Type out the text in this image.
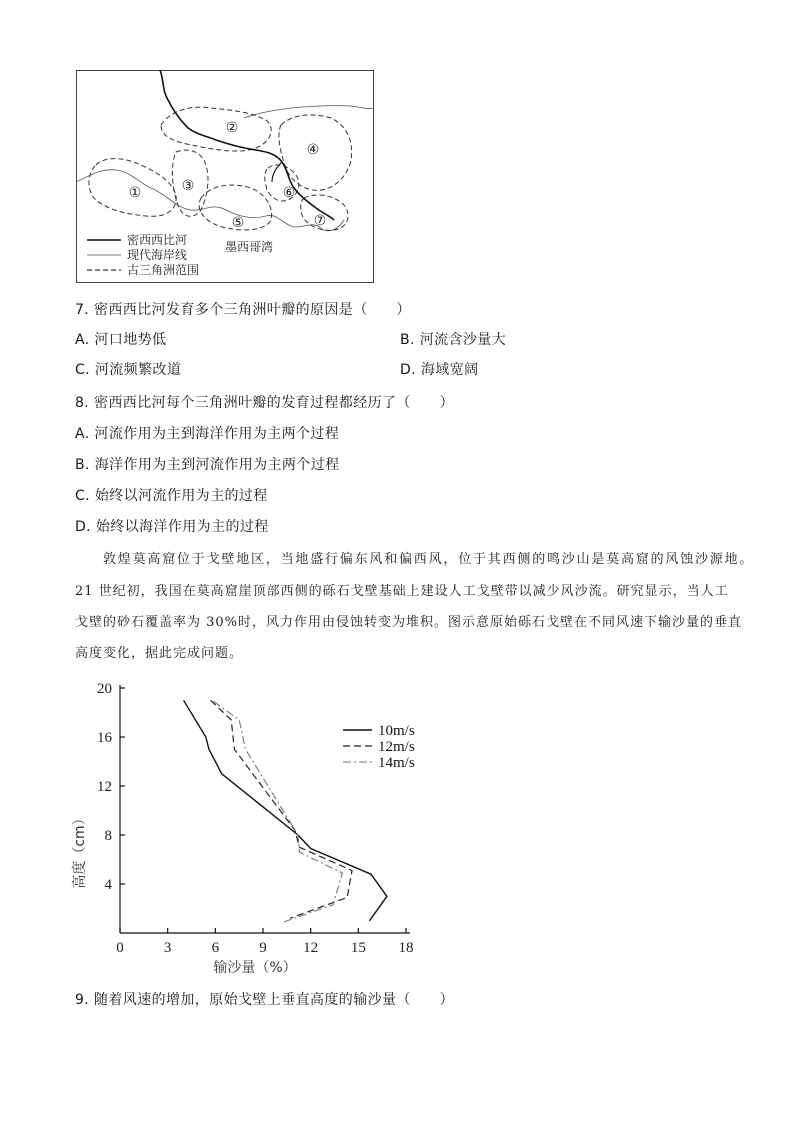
①
②
③
④
⑤
⑥
⑦
墨西哥湾
密西西比河
现代海岸线
古三角洲范围
7. 密西西比河发育多个三角洲叶瓣的原因是（　　）
A. 河口地势低	B. 河流含沙量大
C. 河流频繁改道	D. 海域宽阔
8. 密西西比河每个三角洲叶瓣的发育过程都经历了（　　）
A. 河流作用为主到海洋作用为主两个过程
B. 海洋作用为主到河流作用为主两个过程
C. 始终以河流作用为主的过程
D. 始终以海洋作用为主的过程
敦煌莫高窟位于戈壁地区，当地盛行偏东风和偏西风，位于其西侧的鸣沙山是莫高窟的风蚀沙源地。
21 世纪初，我国在莫高窟崖顶部西侧的砾石戈壁基础上建设人工戈壁带以减少风沙流。研究显示，当人工
戈壁的砂石覆盖率为 30%时，风力作用由侵蚀转变为堆积。图示意原始砾石戈壁在不同风速下输沙量的垂直
高度变化，据此完成问题。
输沙量（%）
高度（cm）
0	3	6	9 12 15 18
4
8
12
16
20
10m/s
12m/s
14m/s
9. 随着风速的增加，原始戈壁上垂直高度的输沙量（　　）
